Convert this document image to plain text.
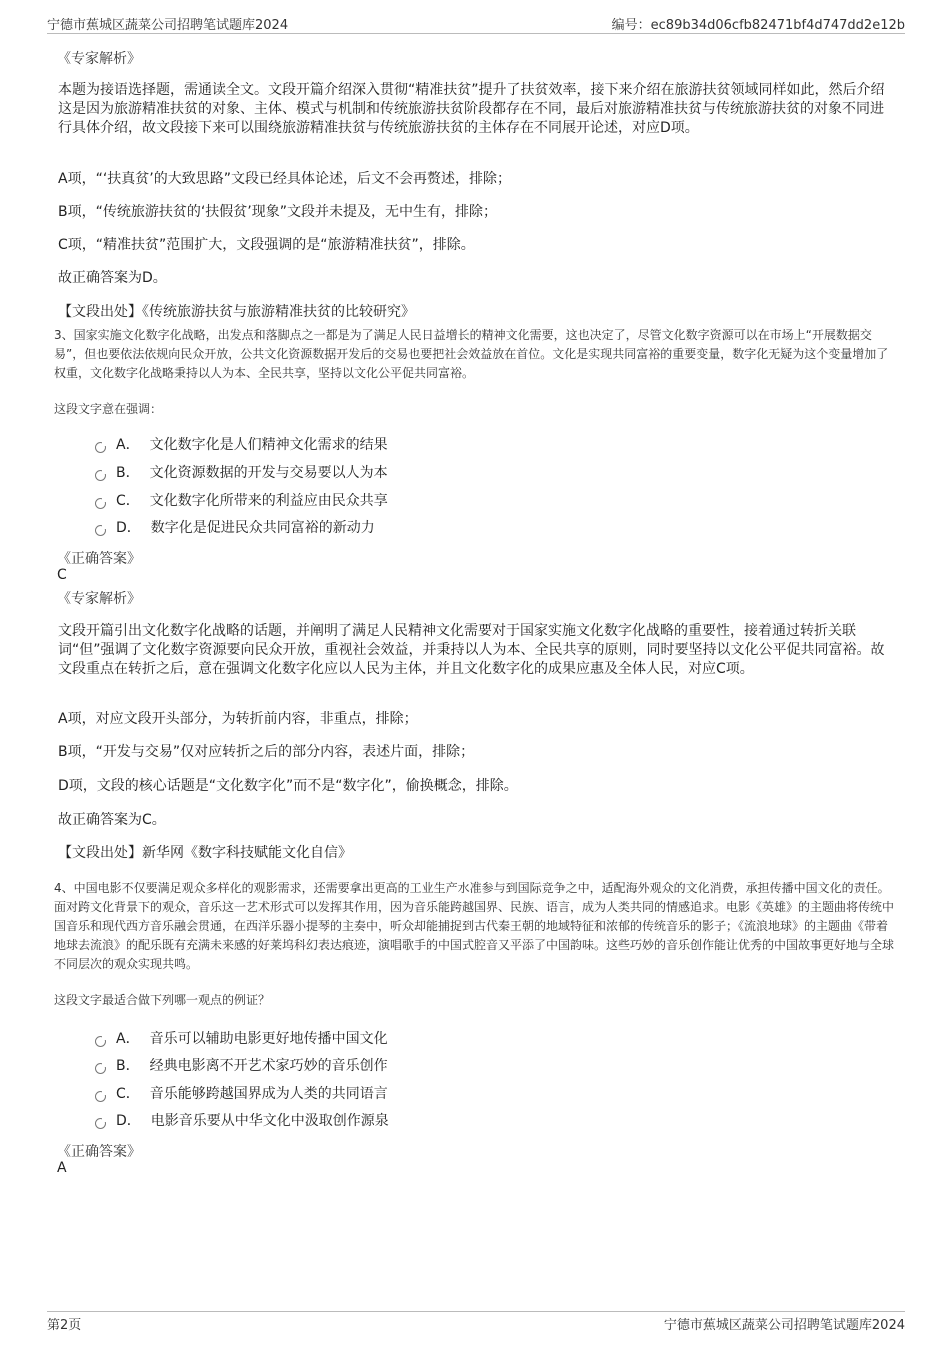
宁德市蕉城区蔬菜公司招聘笔试题库2024	编号：ec89b34d06cfb82471bf4d747dd2e12b
《专家解析》
本题为接语选择题，需通读全文。文段开篇介绍深入贯彻“精准扶贫”提升了扶贫效率，接下来介绍在旅游扶贫领域同样如此，然后介绍这是因为旅游精准扶贫的对象、主体、模式与机制和传统旅游扶贫阶段都存在不同，最后对旅游精准扶贫与传统旅游扶贫的对象不同进行具体介绍，故文段接下来可以围绕旅游精准扶贫与传统旅游扶贫的主体存在不同展开论述，对应D项。
A项，“‘扶真贫’的大致思路”文段已经具体论述，后文不会再赘述，排除；
B项，“传统旅游扶贫的‘扶假贫’现象”文段并未提及，无中生有，排除；
C项，“精准扶贫”范围扩大，文段强调的是“旅游精准扶贫”，排除。
故正确答案为D。
【文段出处】《传统旅游扶贫与旅游精准扶贫的比较研究》
3、国家实施文化数字化战略，出发点和落脚点之一都是为了满足人民日益增长的精神文化需要，这也决定了，尽管文化数字资源可以在市场上“开展数据交易”，但也要依法依规向民众开放，公共文化资源数据开发后的交易也要把社会效益放在首位。文化是实现共同富裕的重要变量，数字化无疑为这个变量增加了权重，文化数字化战略秉持以人为本、全民共享，坚持以文化公平促共同富裕。
这段文字意在强调：
A． 文化数字化是人们精神文化需求的结果
B． 文化资源数据的开发与交易要以人为本
C． 文化数字化所带来的利益应由民众共享
D． 数字化是促进民众共同富裕的新动力
《正确答案》
C
《专家解析》
文段开篇引出文化数字化战略的话题，并阐明了满足人民精神文化需要对于国家实施文化数字化战略的重要性，接着通过转折关联词“但”强调了文化数字资源要向民众开放，重视社会效益，并秉持以人为本、全民共享的原则，同时要坚持以文化公平促共同富裕。故文段重点在转折之后，意在强调文化数字化应以人民为主体，并且文化数字化的成果应惠及全体人民，对应C项。
A项，对应文段开头部分，为转折前内容，非重点，排除；
B项，“开发与交易”仅对应转折之后的部分内容，表述片面，排除；
D项，文段的核心话题是“文化数字化”而不是“数字化”，偷换概念，排除。
故正确答案为C。
【文段出处】新华网《数字科技赋能文化自信》
4、中国电影不仅要满足观众多样化的观影需求，还需要拿出更高的工业生产水准参与到国际竞争之中，适配海外观众的文化消费，承担传播中国文化的责任。面对跨文化背景下的观众，音乐这一艺术形式可以发挥其作用，因为音乐能跨越国界、民族、语言，成为人类共同的情感追求。电影《英雄》的主题曲将传统中国音乐和现代西方音乐融会贯通，在西洋乐器小提琴的主奏中，听众却能捕捉到古代秦王朝的地域特征和浓郁的传统音乐的影子；《流浪地球》的主题曲《带着地球去流浪》的配乐既有充满未来感的好莱坞科幻表达痕迹，演唱歌手的中国式腔音又平添了中国韵味。这些巧妙的音乐创作能让优秀的中国故事更好地与全球不同层次的观众实现共鸣。
这段文字最适合做下列哪一观点的例证？
A． 音乐可以辅助电影更好地传播中国文化
B． 经典电影离不开艺术家巧妙的音乐创作
C． 音乐能够跨越国界成为人类的共同语言
D． 电影音乐要从中华文化中汲取创作源泉
《正确答案》
A
第2页	宁德市蕉城区蔬菜公司招聘笔试题库2024
